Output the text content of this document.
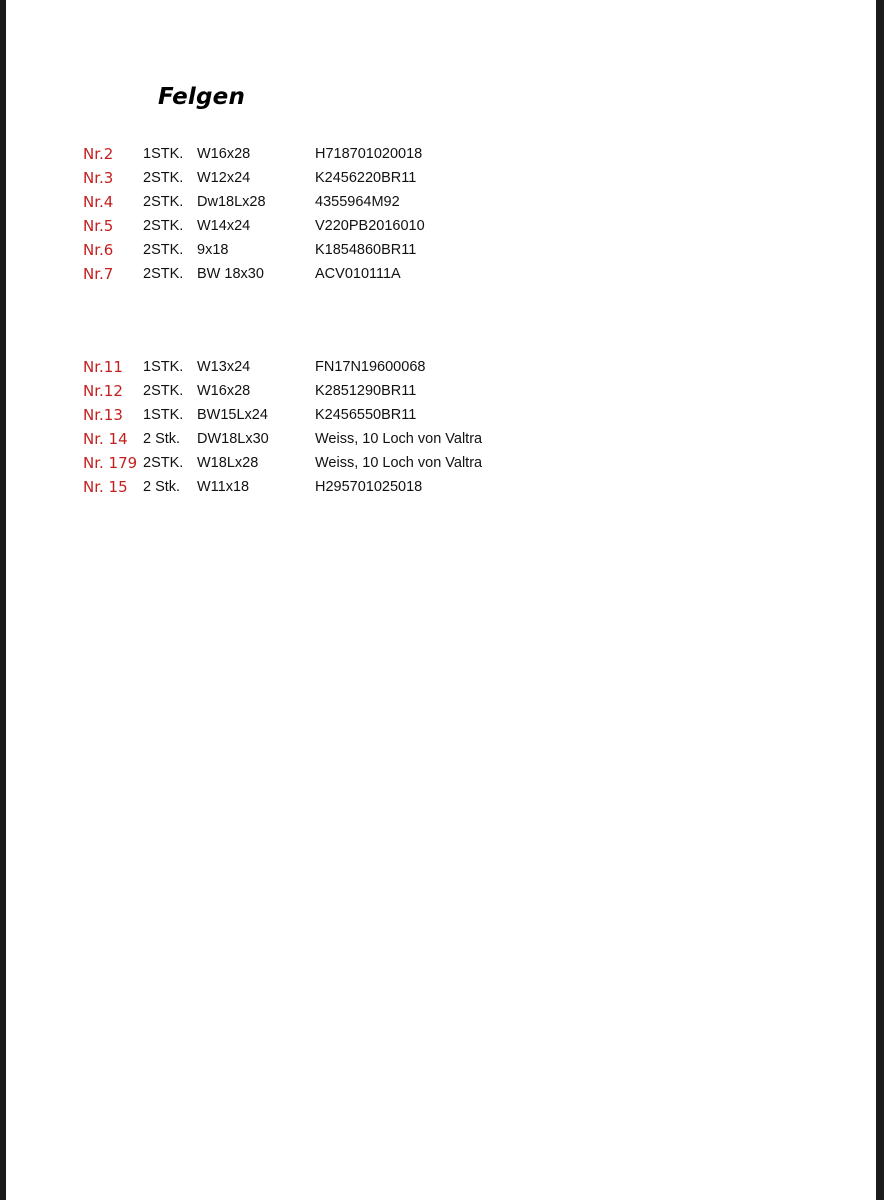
Felgen
Nr.2 1STK. W16x28	H718701020018
Nr.3 2STK. W12x24	K2456220BR11
Nr.4 2STK. Dw18Lx28	4355964M92
Nr.5 2STK. W14x24	V220PB2016010
Nr.6 2STK. 9x18	K1854860BR11
Nr.7 2STK. BW 18x30	ACV010111A
Nr.11 1STK. W13x24	FN17N19600068
Nr.12 2STK. W16x28	K2851290BR11
Nr.13 1STK. BW15Lx24	K2456550BR11
Nr. 14 2 Stk. DW18Lx30	Weiss, 10 Loch von Valtra
Nr. 179 2STK. W18Lx28	Weiss, 10 Loch von Valtra
Nr. 15 2 Stk. W11x18	H295701025018
